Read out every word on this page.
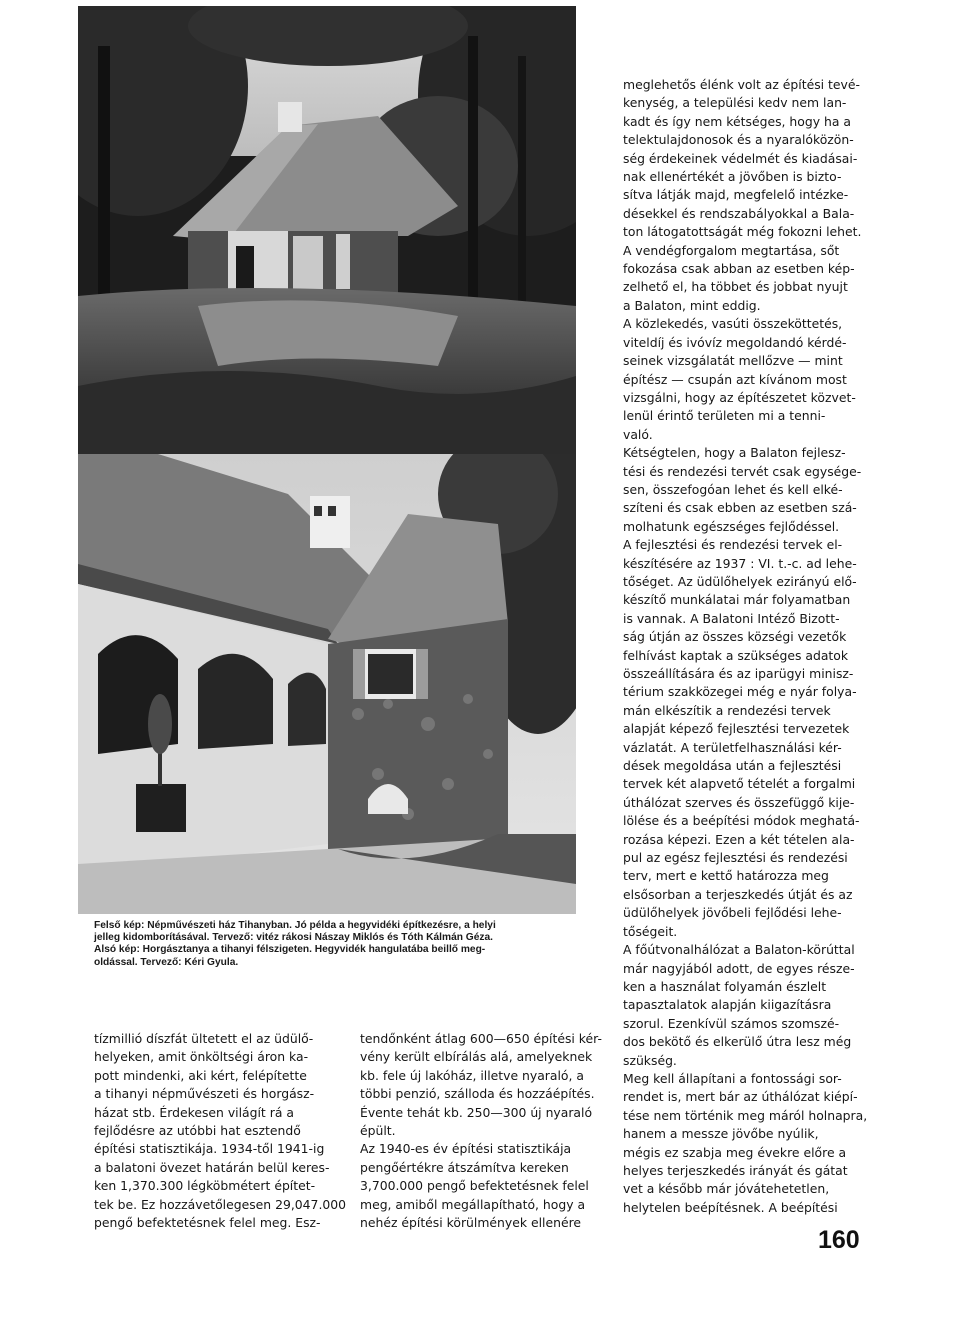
Felső kép: Népművészeti ház Tihanyban. Jó példa a hegyvidéki építkezésre, a helyi
jelleg kidomborításával. Tervező: vitéz rákosi Nászay Miklós és Tóth Kálmán Géza.
Alsó kép: Horgásztanya a tihanyi félszigeten. Hegyvidék hangulatába beillő meg-
oldással. Tervező: Kéri Gyula.
tízmillió díszfát ültetett el az üdülő-
helyeken, amit önköltségi áron ka-
pott mindenki, aki kért, felépítette
a tihanyi népművészeti és horgász-
házat stb. Érdekesen világít rá a
fejlődésre az utóbbi hat esztendő
építési statisztikája. 1934-től 1941-ig
a balatoni övezet határán belül keres-
ken 1,370.300 légköbmétert építet-
tek be. Ez hozzávetőlegesen 29,047.000
pengő befektetésnek felel meg. Esz-
tendőnként átlag 600—650 építési kér-
vény került elbírálás alá, amelyeknek
kb. fele új lakóház, illetve nyaraló, a
többi penzió, szálloda és hozzáépítés.
Évente tehát kb. 250—300 új nyaraló
épült.
Az 1940-es év építési statisztikája
pengőértékre átszámítva kereken
3,700.000 pengő befektetésnek felel
meg, amiből megállapítható, hogy a
nehéz építési körülmények ellenére
meglehetős élénk volt az építési tevé-
kenység, a települési kedv nem lan-
kadt és így nem kétséges, hogy ha a
telektulajdonosok és a nyaralóközön-
ség érdekeinek védelmét és kiadásai-
nak ellenértékét a jövőben is bizto-
sítva látják majd, megfelelő intézke-
désekkel és rendszabályokkal a Bala-
ton látogatottságát még fokozni lehet.
A vendégforgalom megtartása, sőt
fokozása csak abban az esetben kép-
zelhető el, ha többet és jobbat nyujt
a Balaton, mint eddig.
A közlekedés, vasúti összeköttetés,
viteldíj és ivóvíz megoldandó kérdé-
seinek vizsgálatát mellőzve — mint
építész — csupán azt kívánom most
vizsgálni, hogy az építészetet közvet-
lenül érintő területen mi a tenni-
való.
Kétségtelen, hogy a Balaton fejlesz-
tési és rendezési tervét csak egysége-
sen, összefogóan lehet és kell elké-
szíteni és csak ebben az esetben szá-
molhatunk egészséges fejlődéssel.
A fejlesztési és rendezési tervek el-
készítésére az 1937 : VI. t.-c. ad lehe-
tőséget. Az üdülőhelyek ezirányú elő-
készítő munkálatai már folyamatban
is vannak. A Balatoni Intéző Bizott-
ság útján az összes községi vezetők
felhívást kaptak a szükséges adatok
összeállítására és az iparügyi minisz-
térium szakközegei még e nyár folya-
mán elkészítik a rendezési tervek
alapját képező fejlesztési tervezetek
vázlatát. A területfelhasználási kér-
dések megoldása után a fejlesztési
tervek két alapvető tételét a forgalmi
úthálózat szerves és összefüggő kije-
lölése és a beépítési módok meghatá-
rozása képezi. Ezen a két tételen ala-
pul az egész fejlesztési és rendezési
terv, mert e kettő határozza meg
elsősorban a terjeszkedés útját és az
üdülőhelyek jövőbeli fejlődési lehe-
tőségeit.
A főútvonalhálózat a Balaton-körúttal
már nagyjából adott, de egyes része-
ken a használat folyamán észlelt
tapasztalatok alapján kiigazításra
szorul. Ezenkívül számos szomszé-
dos bekötő és elkerülő útra lesz még
szükség.
Meg kell állapítani a fontossági sor-
rendet is, mert bár az úthálózat kiépí-
tése nem történik meg máról holnapra,
hanem a messze jövőbe nyúlik,
mégis ez szabja meg évekre előre a
helyes terjeszkedés irányát és gátat
vet a később már jóvátehetetlen,
helytelen beépítésnek. A beépítési
160
